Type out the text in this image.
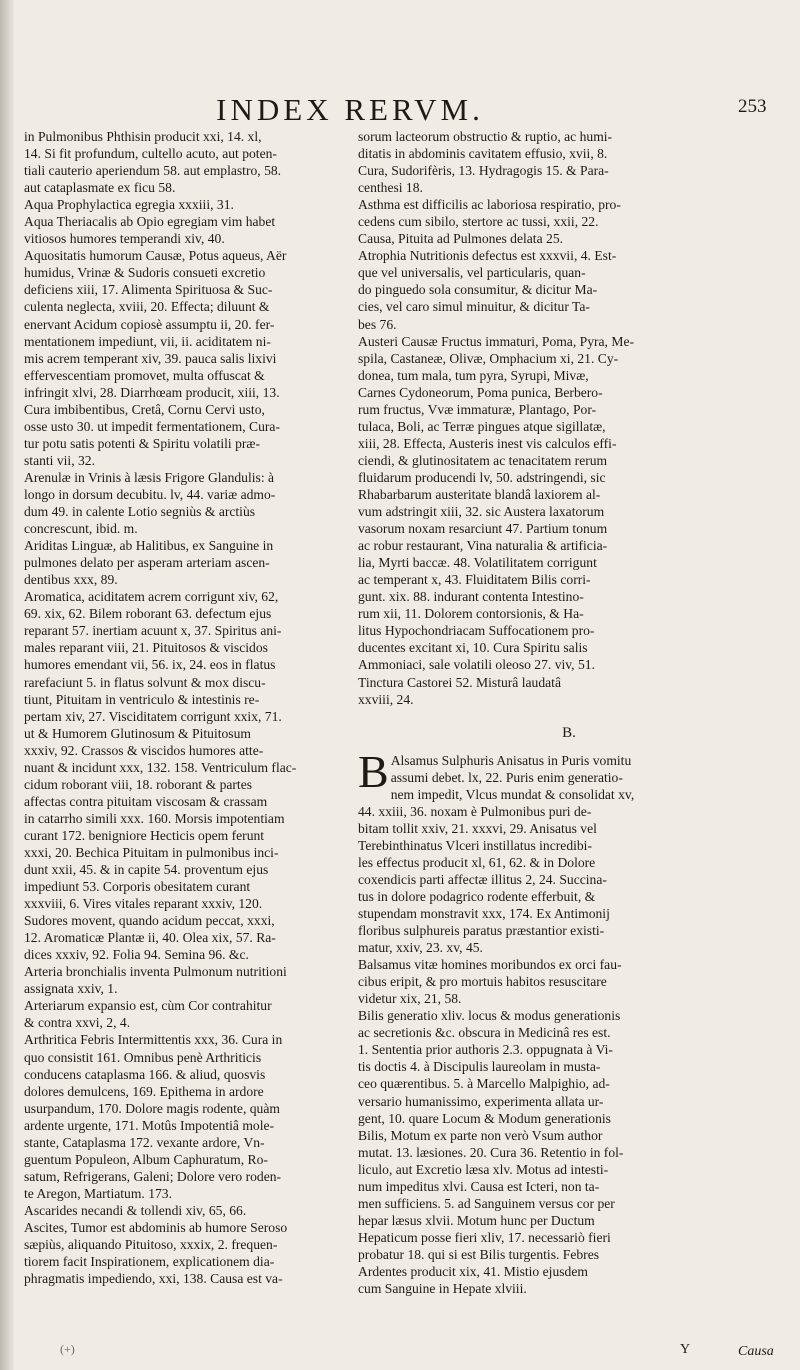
INDEX RERVM.	253
in Pulmonibus Phthisin producit xxi, 14. xl,
14. Si fit profundum, cultello acuto, aut poten-
tiali cauterio aperiendum 58. aut emplastro, 58.
aut cataplasmate ex ficu 58.
Aqua Prophylactica egregia xxxiii, 31.
Aqua Theriacalis ab Opio egregiam vim habet
vitiosos humores temperandi xiv, 40.
Aquositatis humorum Causæ, Potus aqueus, Aër
humidus, Vrinæ & Sudoris consueti excretio
deficiens xiii, 17. Alimenta Spirituosa & Suc-
culenta neglecta, xviii, 20. Effecta; diluunt &
enervant Acidum copiosè assumptu ii, 20. fer-
mentationem impediunt, vii, ii. aciditatem ni-
mis acrem temperant xiv, 39. pauca salis lixivi
effervescentiam promovet, multa offuscat &
infringit xlvi, 28. Diarrhœam producit, xiii, 13.
Cura imbibentibus, Cretâ, Cornu Cervi usto,
osse usto 30. ut impedit fermentationem, Cura-
tur potu satis potenti & Spiritu volatili præ-
stanti vii, 32.
Arenulæ in Vrinis à læsis Frigore Glandulis: à
longo in dorsum decubitu. lv, 44. variæ admo-
dum 49. in calente Lotio segniùs & arctiùs
concrescunt, ibid. m.
Ariditas Linguæ, ab Halitibus, ex Sanguine in
pulmones delato per asperam arteriam ascen-
dentibus xxx, 89.
Aromatica, aciditatem acrem corrigunt xiv, 62,
69. xix, 62. Bilem roborant 63. defectum ejus
reparant 57. inertiam acuunt x, 37. Spiritus ani-
males reparant viii, 21. Pituitosos & viscidos
humores emendant vii, 56. ix, 24. eos in flatus
rarefaciunt 5. in flatus solvunt & mox discu-
tiunt, Pituitam in ventriculo & intestinis re-
pertam xiv, 27. Visciditatem corrigunt xxix, 71.
ut & Humorem Glutinosum & Pituitosum
xxxiv, 92. Crassos & viscidos humores atte-
nuant & incidunt xxx, 132. 158. Ventriculum flac-
cidum roborant viii, 18. roborant & partes
affectas contra pituitam viscosam & crassam
in catarrho simili xxx. 160. Morsis impotentiam
curant 172. benigniore Hecticis opem ferunt
xxxi, 20. Bechica Pituitam in pulmonibus inci-
dunt xxii, 45. & in capite 54. proventum ejus
impediunt 53. Corporis obesitatem curant
xxxviii, 6. Vires vitales reparant xxxiv, 120.
Sudores movent, quando acidum peccat, xxxi,
12. Aromaticæ Plantæ ii, 40. Olea xix, 57. Ra-
dices xxxiv, 92. Folia 94. Semina 96. &c.
Arteria bronchialis inventa Pulmonum nutritioni
assignata xxiv, 1.
Arteriarum expansio est, cùm Cor contrahitur
& contra xxvi, 2, 4.
Arthritica Febris Intermittentis xxx, 36. Cura in
quo consistit 161. Omnibus penè Arthriticis
conducens cataplasma 166. & aliud, quosvis
dolores demulcens, 169. Epithema in ardore
usurpandum, 170. Dolore magis rodente, quàm
ardente urgente, 171. Motûs Impotentiâ mole-
stante, Cataplasma 172. vexante ardore, Vn-
guentum Populeon, Album Caphuratum, Ro-
satum, Refrigerans, Galeni; Dolore vero roden-
te Aregon, Martiatum. 173.
Ascarides necandi & tollendi xiv, 65, 66.
Ascites, Tumor est abdominis ab humore Seroso
sæpiùs, aliquando Pituitoso, xxxix, 2. frequen-
tiorem facit Inspirationem, explicationem dia-
phragmatis impediendo, xxi, 138. Causa est va-
sorum lacteorum obstructio & ruptio, ac humi-
ditatis in abdominis cavitatem effusio, xvii, 8.
Cura, Sudorifèris, 13. Hydragogis 15. & Para-
centhesi 18.
Asthma est difficilis ac laboriosa respiratio, pro-
cedens cum sibilo, stertore ac tussi, xxii, 22.
Causa, Pituita ad Pulmones delata 25.
Atrophia Nutritionis defectus est xxxvii, 4. Est-
que vel universalis, vel particularis, quan-
do pinguedo sola consumitur, & dicitur Ma-
cies, vel caro simul minuitur, & dicitur Ta-
bes 76.
Austeri Causæ Fructus immaturi, Poma, Pyra, Me-
spila, Castaneæ, Olivæ, Omphacium xi, 21. Cy-
donea, tum mala, tum pyra, Syrupi, Mivæ,
Carnes Cydoneorum, Poma punica, Berbero-
rum fructus, Vvæ immaturæ, Plantago, Por-
tulaca, Boli, ac Terræ pingues atque sigillatæ,
xiii, 28. Effecta, Austeris inest vis calculos effi-
ciendi, & glutinositatem ac tenacitatem rerum
fluidarum producendi lv, 50. adstringendi, sic
Rhabarbarum austeritate blandâ laxiorem al-
vum adstringit xiii, 32. sic Austera laxatorum
vasorum noxam resarciunt 47. Partium tonum
ac robur restaurant, Vina naturalia & artificia-
lia, Myrti baccæ. 48. Volatilitatem corrigunt
ac temperant x, 43. Fluiditatem Bilis corri-
gunt. xix. 88. indurant contenta Intestino-
rum xii, 11. Dolorem contorsionis, & Ha-
litus Hypochondriacam Suffocationem pro-
ducentes excitant xi, 10. Cura Spiritu salis
Ammoniaci, sale volatili oleoso 27. viv, 51.
Tinctura Castorei 52. Misturâ laudatâ
xxviii, 24.
B.
B Alsamus Sulphuris Anisatus in Puris vomitu
assumi debet. lx, 22. Puris enim generatio-
nem impedit, Vlcus mundat & consolidat xv,
44. xxiii, 36. noxam è Pulmonibus puri de-
bitam tollit xxiv, 21. xxxvi, 29. Anisatus vel
Terebinthinatus Vlceri instillatus incredibi-
les effectus producit xl, 61, 62. & in Dolore
coxendicis parti affectæ illitus 2, 24. Succina-
tus in dolore podagrico rodente efferbuit, &
stupendam monstravit xxx, 174. Ex Antimonij
floribus sulphureis paratus præstantior existi-
matur, xxiv, 23. xv, 45.
Balsamus vitæ homines moribundos ex orci fau-
cibus eripit, & pro mortuis habitos resuscitare
videtur xix, 21, 58.
Bilis generatio xliv. locus & modus generationis
ac secretionis &c. obscura in Medicinâ res est.
1. Sententia prior authoris 2.3. oppugnata à Vi-
tis doctis 4. à Discipulis laureolam in musta-
ceo quærentibus. 5. à Marcello Malpighio, ad-
versario humanissimo, experimenta allata ur-
gent, 10. quare Locum & Modum generationis
Bilis, Motum ex parte non verò Vsum author
mutat. 13. læsiones. 20. Cura 36. Retentio in fol-
liculo, aut Excretio læsa xlv. Motus ad intesti-
num impeditus xlvi. Causa est Icteri, non ta-
men sufficiens. 5. ad Sanguinem versus cor per
hepar læsus xlvii. Motum hunc per Ductum
Hepaticum posse fieri xliv, 17. necessariò fieri
probatur 18. qui si est Bilis turgentis. Febres
Ardentes producit xix, 41. Mistio ejusdem
cum Sanguine in Hepate xlviii.
(+)	Y	Causa
